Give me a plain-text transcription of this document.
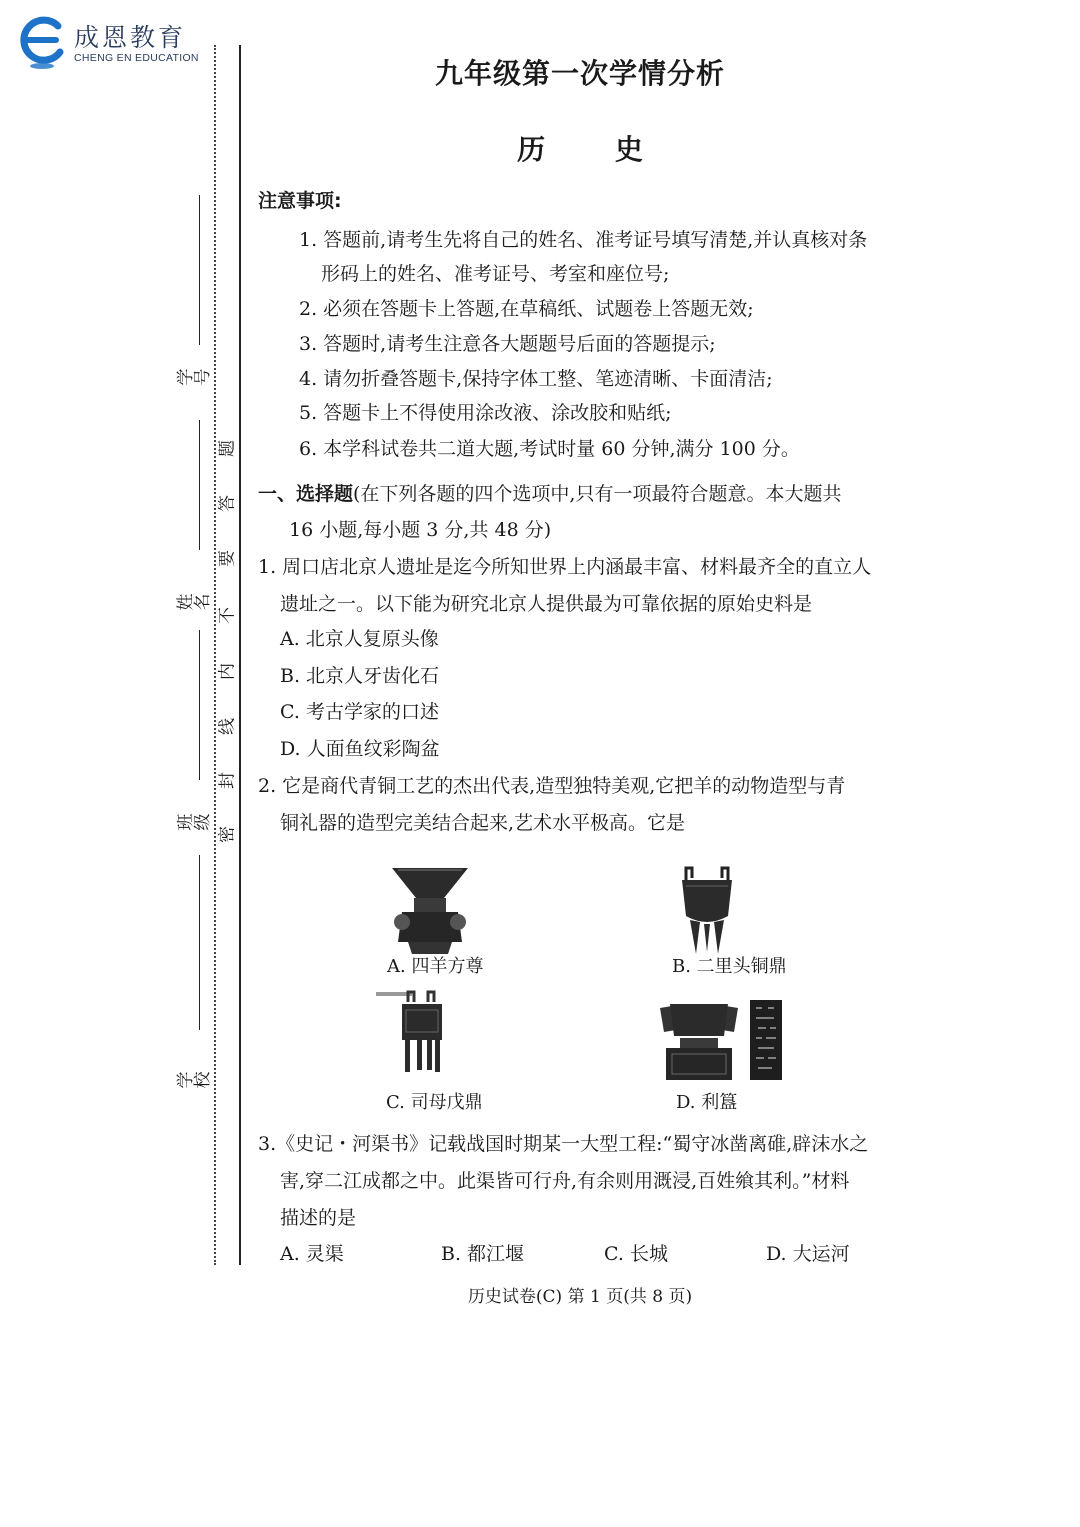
成恩教育
CHENG EN EDUCATION
学 号
姓 名
班 级
学 校
密
封
线
内
不
要
答
题
九年级第一次学情分析
历 史
注意事项:
1. 答题前,请考生先将自己的姓名、准考证号填写清楚,并认真核对条
形码上的姓名、准考证号、考室和座位号;
2. 必须在答题卡上答题,在草稿纸、试题卷上答题无效;
3. 答题时,请考生注意各大题题号后面的答题提示;
4. 请勿折叠答题卡,保持字体工整、笔迹清晰、卡面清洁;
5. 答题卡上不得使用涂改液、涂改胶和贴纸;
6. 本学科试卷共二道大题,考试时量 60 分钟,满分 100 分。
一、选择题(在下列各题的四个选项中,只有一项最符合题意。本大题共
16 小题,每小题 3 分,共 48 分)
1. 周口店北京人遗址是迄今所知世界上内涵最丰富、材料最齐全的直立人
遗址之一。以下能为研究北京人提供最为可靠依据的原始史料是
A. 北京人复原头像
B. 北京人牙齿化石
C. 考古学家的口述
D. 人面鱼纹彩陶盆
2. 它是商代青铜工艺的杰出代表,造型独特美观,它把羊的动物造型与青
铜礼器的造型完美结合起来,艺术水平极高。它是
A. 四羊方尊	B. 二里头铜鼎
C. 司母戊鼎	D. 利簋
3.《史记・河渠书》记载战国时期某一大型工程:“蜀守冰凿离碓,辟沫水之
害,穿二江成都之中。此渠皆可行舟,有余则用溉浸,百姓飨其利。”材料
描述的是
A. 灵渠	B. 都江堰	C. 长城	D. 大运河
历史试卷(C) 第 1 页(共 8 页)
